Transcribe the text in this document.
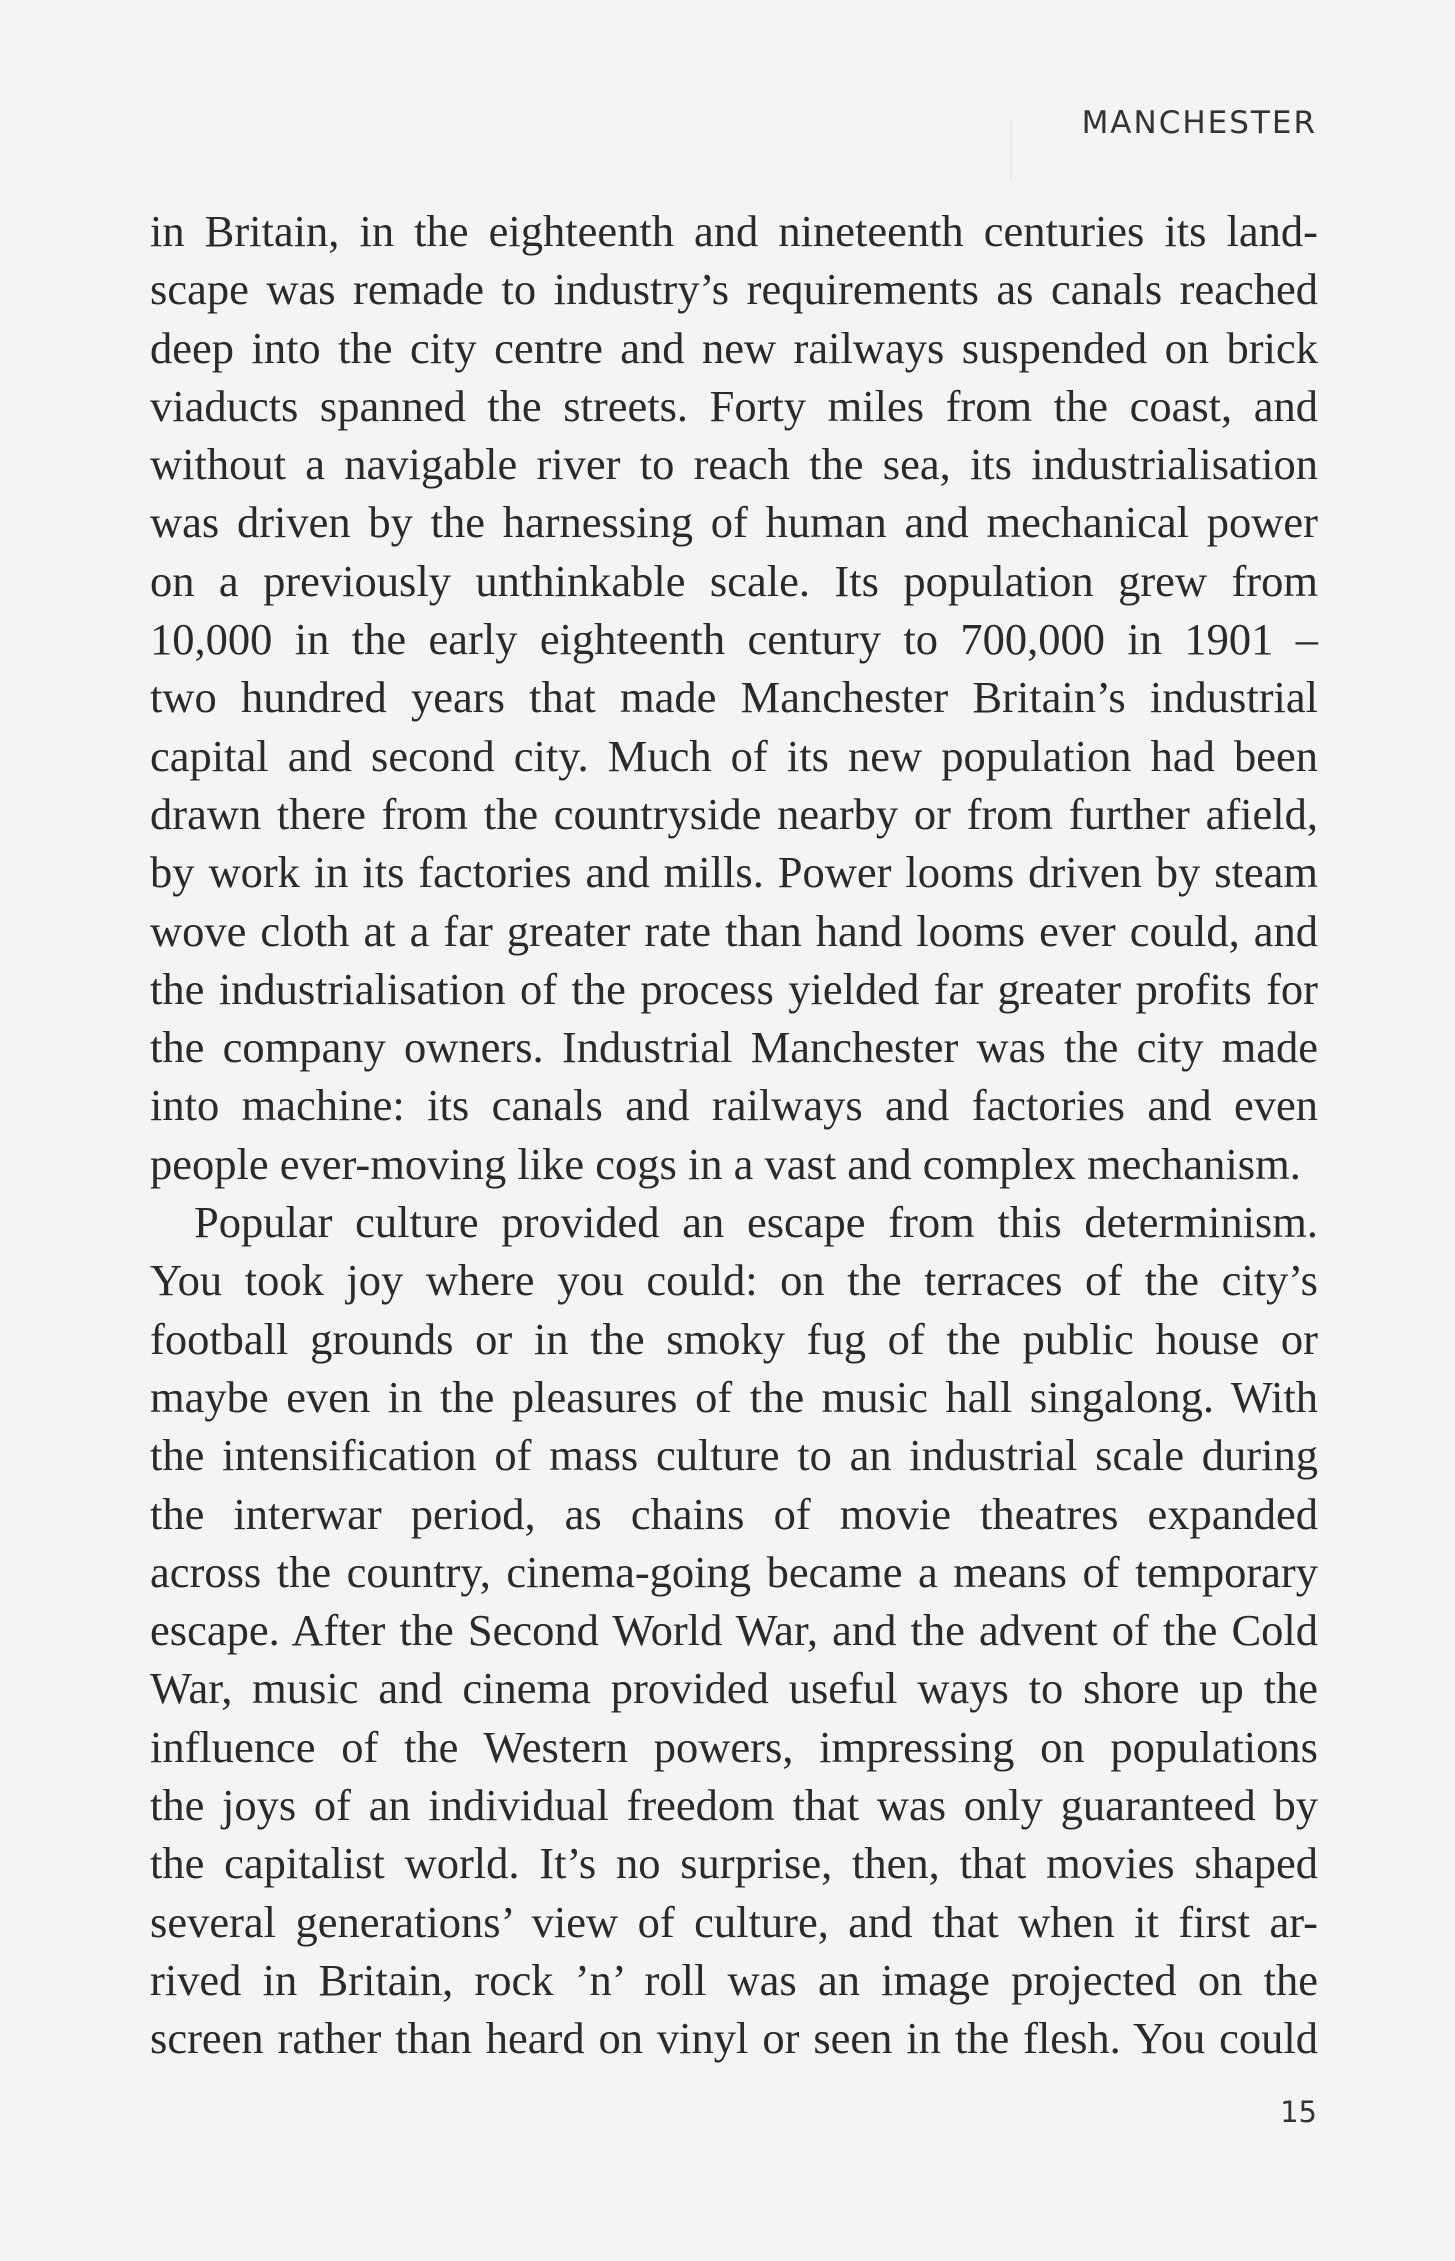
MANCHESTER
in Britain, in the eighteenth and nineteenth centuries its land-
scape was remade to industry’s requirements as canals reached
deep into the city centre and new railways suspended on brick
viaducts spanned the streets. Forty miles from the coast, and
without a navigable river to reach the sea, its industrialisation
was driven by the harnessing of human and mechanical power
on a previously unthinkable scale. Its population grew from
10,000 in the early eighteenth century to 700,000 in 1901 –
two hundred years that made Manchester Britain’s industrial
capital and second city. Much of its new population had been
drawn there from the countryside nearby or from further afield,
by work in its factories and mills. Power looms driven by steam
wove cloth at a far greater rate than hand looms ever could, and
the industrialisation of the process yielded far greater profits for
the company owners. Industrial Manchester was the city made
into machine: its canals and railways and factories and even
people ever-moving like cogs in a vast and complex mechanism.
Popular culture provided an escape from this determinism.
You took joy where you could: on the terraces of the city’s
football grounds or in the smoky fug of the public house or
maybe even in the pleasures of the music hall singalong. With
the intensification of mass culture to an industrial scale during
the interwar period, as chains of movie theatres expanded
across the country, cinema-going became a means of temporary
escape. After the Second World War, and the advent of the Cold
War, music and cinema provided useful ways to shore up the
influence of the Western powers, impressing on populations
the joys of an individual freedom that was only guaranteed by
the capitalist world. It’s no surprise, then, that movies shaped
several generations’ view of culture, and that when it first ar-
rived in Britain, rock ’n’ roll was an image projected on the
screen rather than heard on vinyl or seen in the flesh. You could
15
